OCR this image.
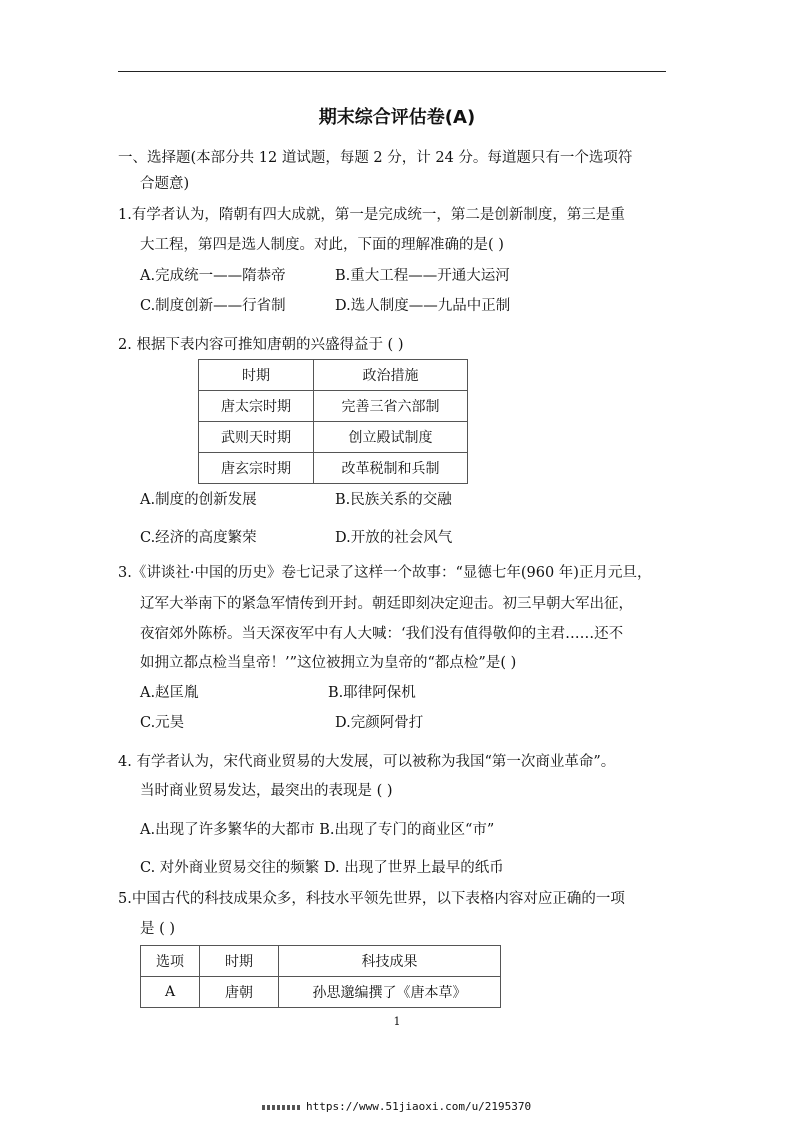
期末综合评估卷(A)
一、选择题(本部分共 12 道试题，每题 2 分，计 24 分。每道题只有一个选项符
合题意)
1.有学者认为，隋朝有四大成就，第一是完成统一，第二是创新制度，第三是重
大工程，第四是选人制度。对此，下面的理解准确的是( )
A.完成统一——隋恭帝	B.重大工程——开通大运河
C.制度创新——行省制	D.选人制度——九品中正制
2. 根据下表内容可推知唐朝的兴盛得益于 ( )
时期	政治措施
唐太宗时期	完善三省六部制
武则天时期	创立殿试制度
唐玄宗时期	改革税制和兵制
A.制度的创新发展	B.民族关系的交融
C.经济的高度繁荣	D.开放的社会风气
3.《讲谈社·中国的历史》卷七记录了这样一个故事：“显德七年(960 年)正月元旦，
辽军大举南下的紧急军情传到开封。朝廷即刻决定迎击。初三早朝大军出征，
夜宿郊外陈桥。当天深夜军中有人大喊：‘我们没有值得敬仰的主君……还不
如拥立都点检当皇帝！’”这位被拥立为皇帝的“都点检”是( )
A.赵匡胤	B.耶律阿保机
C.元昊	D.完颜阿骨打
4. 有学者认为，宋代商业贸易的大发展，可以被称为我国“第一次商业革命”。
当时商业贸易发达，最突出的表现是 ( )
A.出现了许多繁华的大都市 B.出现了专门的商业区“市”
C. 对外商业贸易交往的频繁 D. 出现了世界上最早的纸币
5.中国古代的科技成果众多，科技水平领先世界，以下表格内容对应正确的一项
是 ( )
选项	时期	科技成果
A	唐朝	孙思邈编撰了《唐本草》
1
https://www.51jiaoxi.com/u/2195370
